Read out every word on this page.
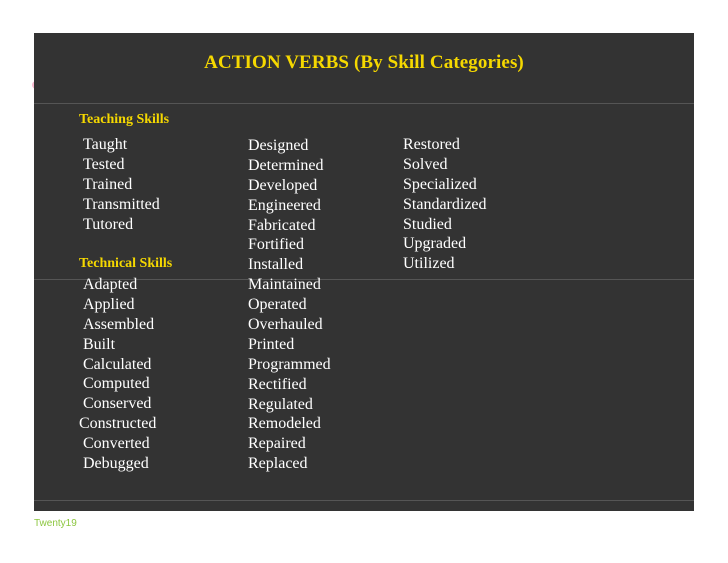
ACTION VERBS (By Skill Categories)
Teaching Skills
Taught
Tested
Trained
Transmitted
Tutored
Technical Skills
Adapted
Applied
Assembled
Built
Calculated
Computed
Conserved
Constructed
Converted
Debugged
Designed
Determined
Developed
Engineered
Fabricated
Fortified
Installed
Maintained
Operated
Overhauled
Printed
Programmed
Rectified
Regulated
Remodeled
Repaired
Replaced
Restored
Solved
Specialized
Standardized
Studied
Upgraded
Utilized
Twenty19	SmartResume - Resume guide for Students and Freshers Version 2.0 © 2010 www.twenty19.com	43
